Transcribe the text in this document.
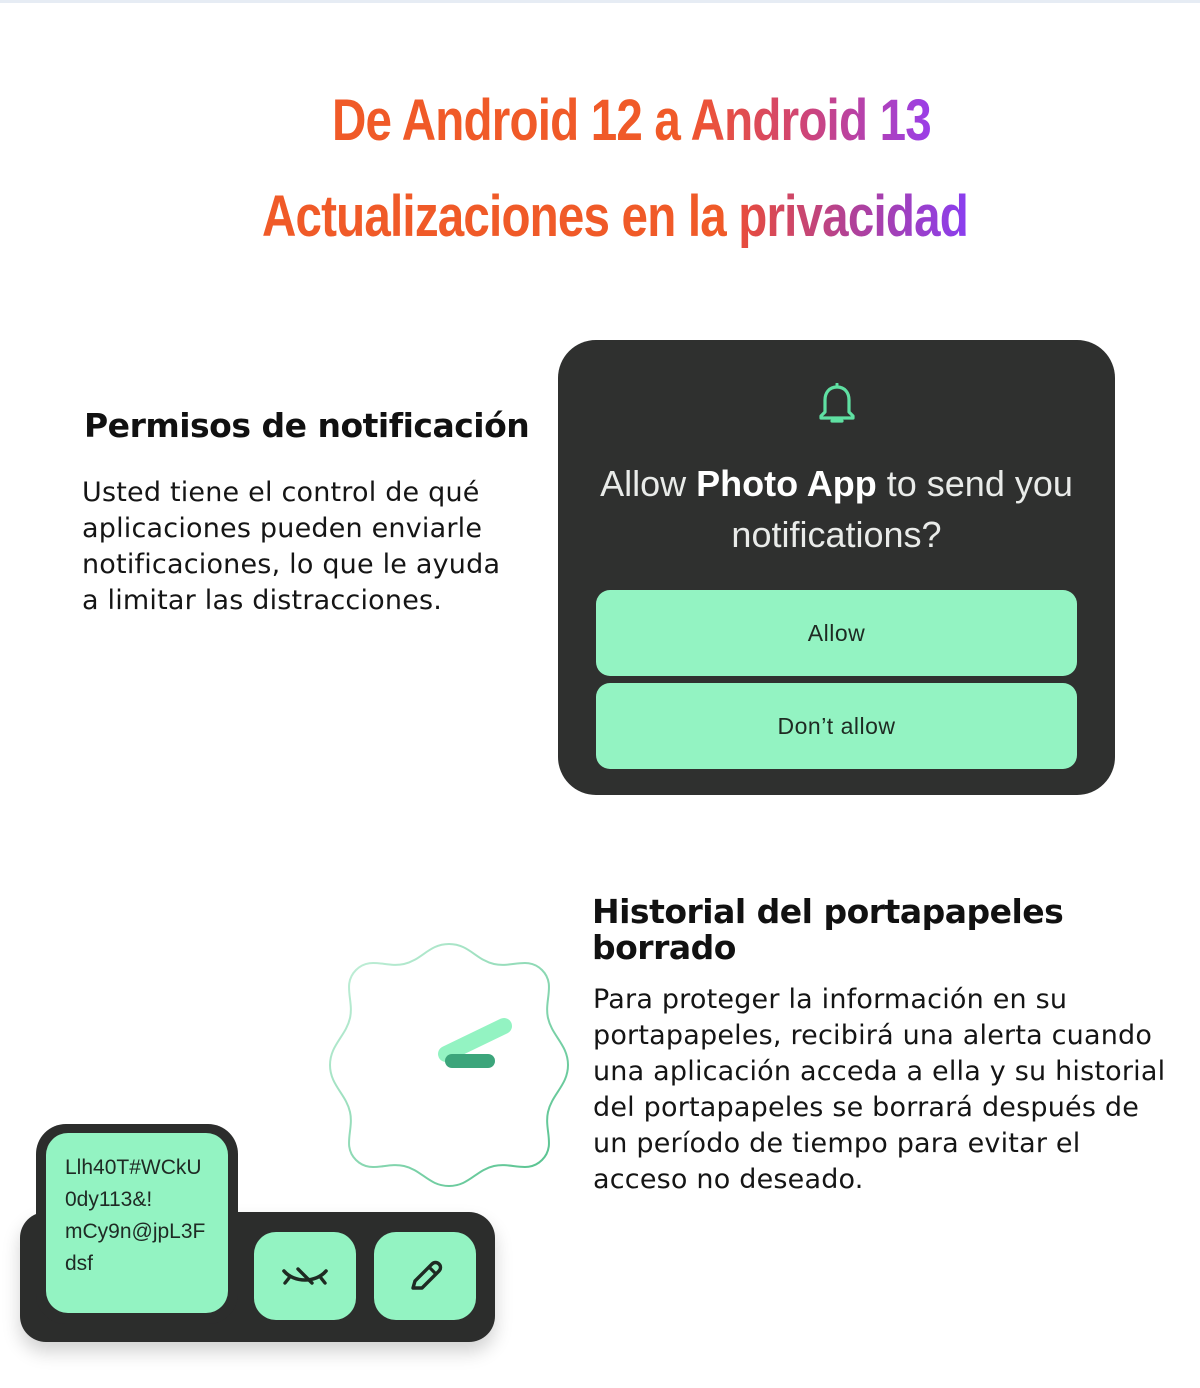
De Android 12 a Android 13
Actualizaciones en la privacidad
Permisos de notificación
Usted tiene el control de qué aplicaciones pueden enviarle notificaciones, lo que le ayuda a limitar las distracciones.
Allow Photo App to send you notifications?
Allow
Don’t allow
Historial del portapapeles borrado
Para proteger la información en su portapapeles, recibirá una alerta cuando una aplicación acceda a ella y su historial del portapapeles se borrará después de un período de tiempo para evitar el acceso no deseado.
Llh40T#WCkU
0dy113&!
mCy9n@jpL3F
dsf
